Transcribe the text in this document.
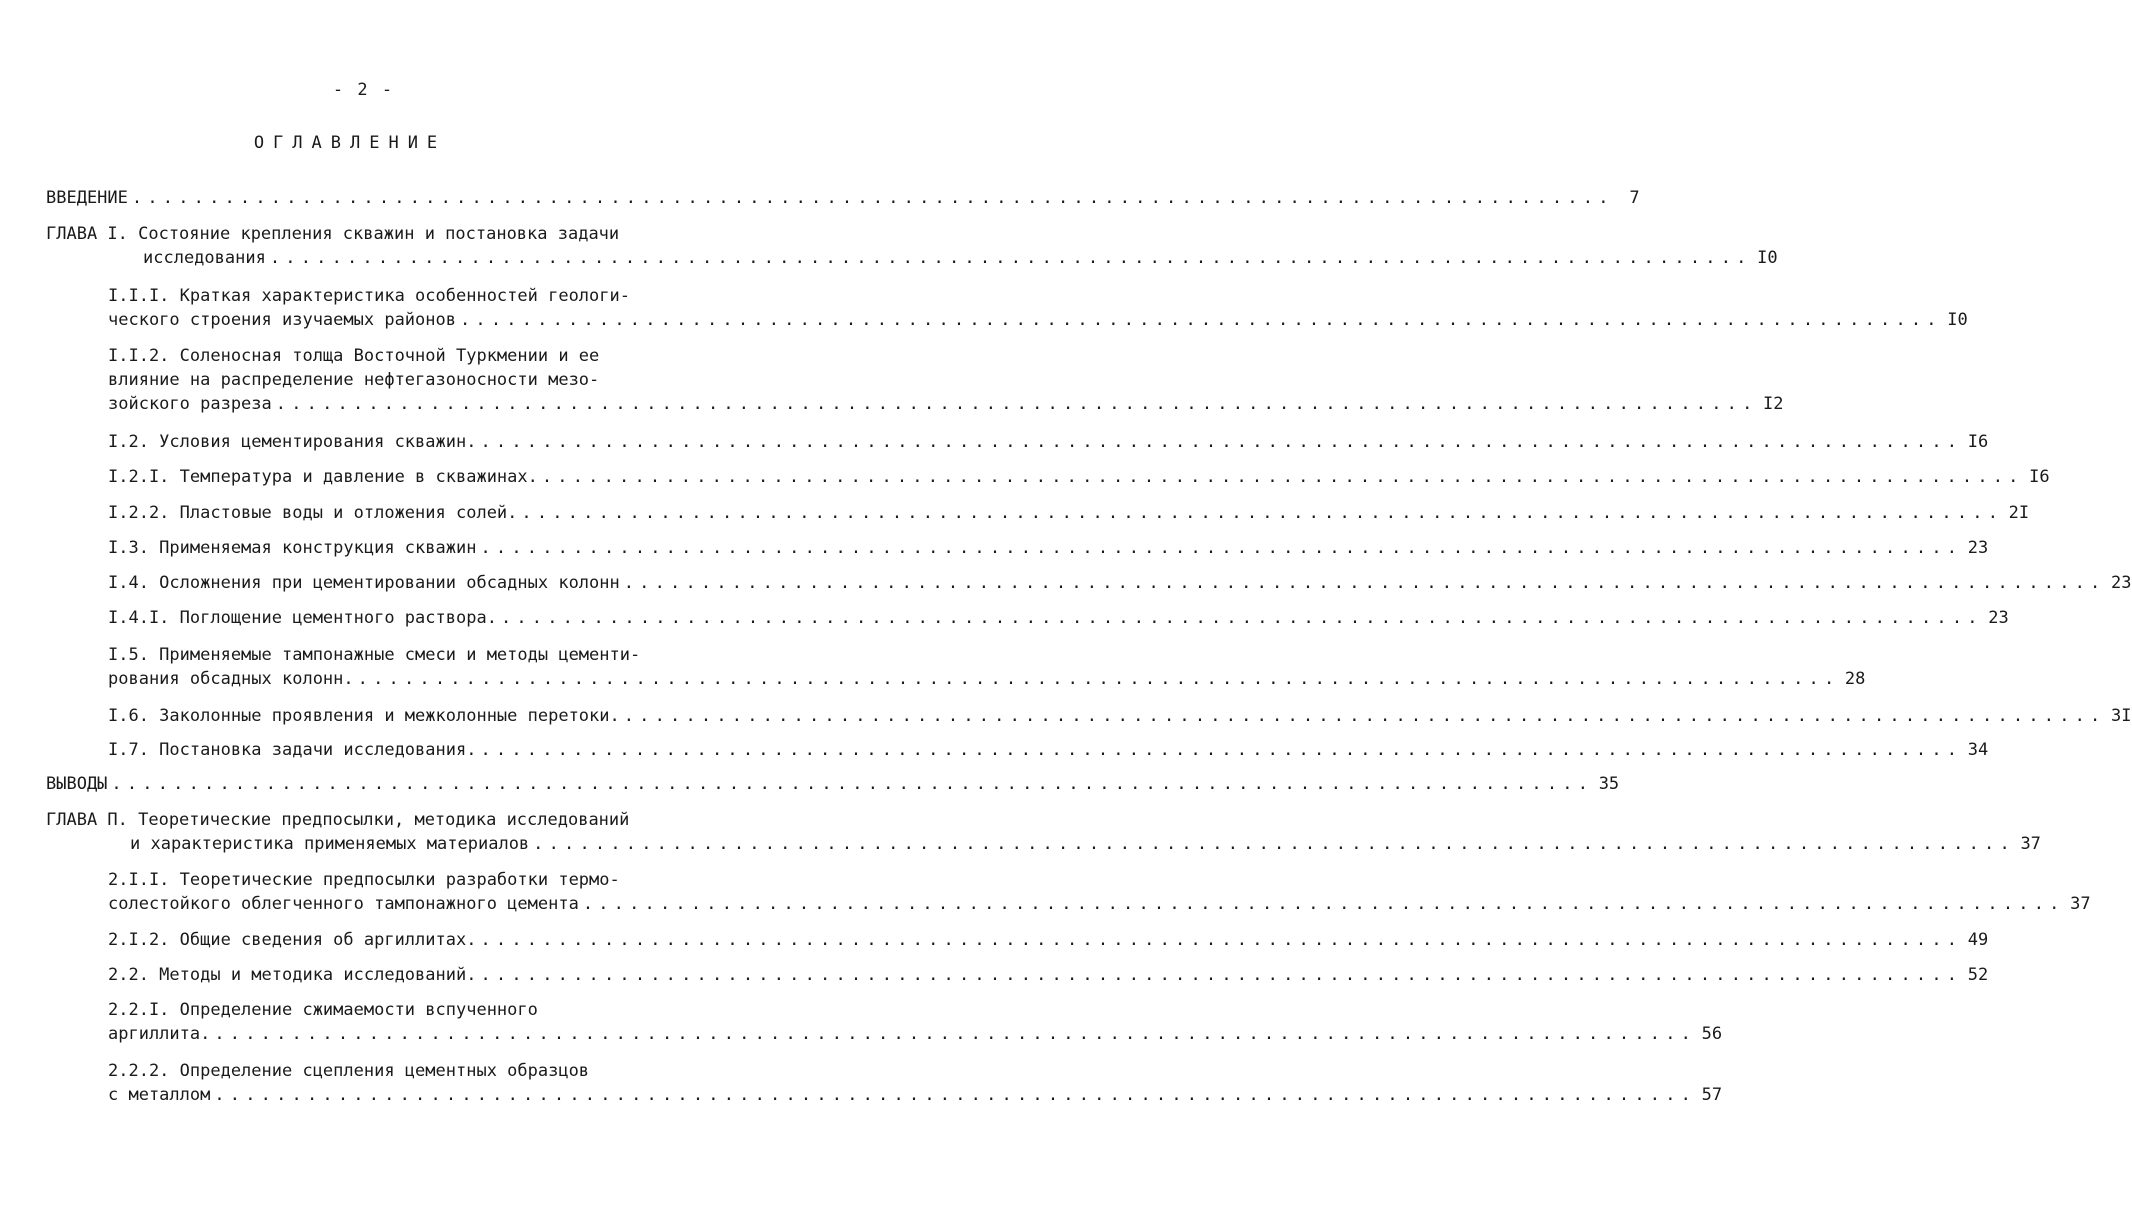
- 2 -
ОГЛАВЛЕНИЕ
ВВЕДЕНИЕ ................................................................................................ 7
ГЛАВА I. Состояние крепления скважин и постановка задачи
исследования ................................................................................................ I0
I.I.I. Краткая характеристика особенностей геологи-
ческого строения изучаемых районов ................................................................................................ I0
I.I.2. Соленосная толща Восточной Туркмении и ее
влияние на распределение нефтегазоносности мезо-
зойского разреза ................................................................................................ I2
I.2. Условия цементирования скважин. ................................................................................................ I6
I.2.I. Температура и давление в скважинах. ................................................................................................ I6
I.2.2. Пластовые воды и отложения солей. ................................................................................................ 2I
I.3. Применяемая конструкция скважин ................................................................................................ 23
I.4. Осложнения при цементировании обсадных колонн ................................................................................................ 23
I.4.I. Поглощение цементного раствора. ................................................................................................ 23
I.5. Применяемые тампонажные смеси и методы цементи-
рования обсадных колонн. ................................................................................................ 28
I.6. Заколонные проявления и межколонные перетоки. ................................................................................................ 3I
I.7. Постановка задачи исследования. ................................................................................................ 34
ВЫВОДЫ ................................................................................................ 35
ГЛАВА П. Теоретические предпосылки, методика исследований
и характеристика применяемых материалов ................................................................................................ 37
2.I.I. Теоретические предпосылки разработки термо-
солестойкого облегченного тампонажного цемента ................................................................................................ 37
2.I.2. Общие сведения об аргиллитах. ................................................................................................ 49
2.2. Методы и методика исследований. ................................................................................................ 52
2.2.I. Определение сжимаемости вспученного
аргиллита. ................................................................................................ 56
2.2.2. Определение сцепления цементных образцов
с металлом ................................................................................................ 57
